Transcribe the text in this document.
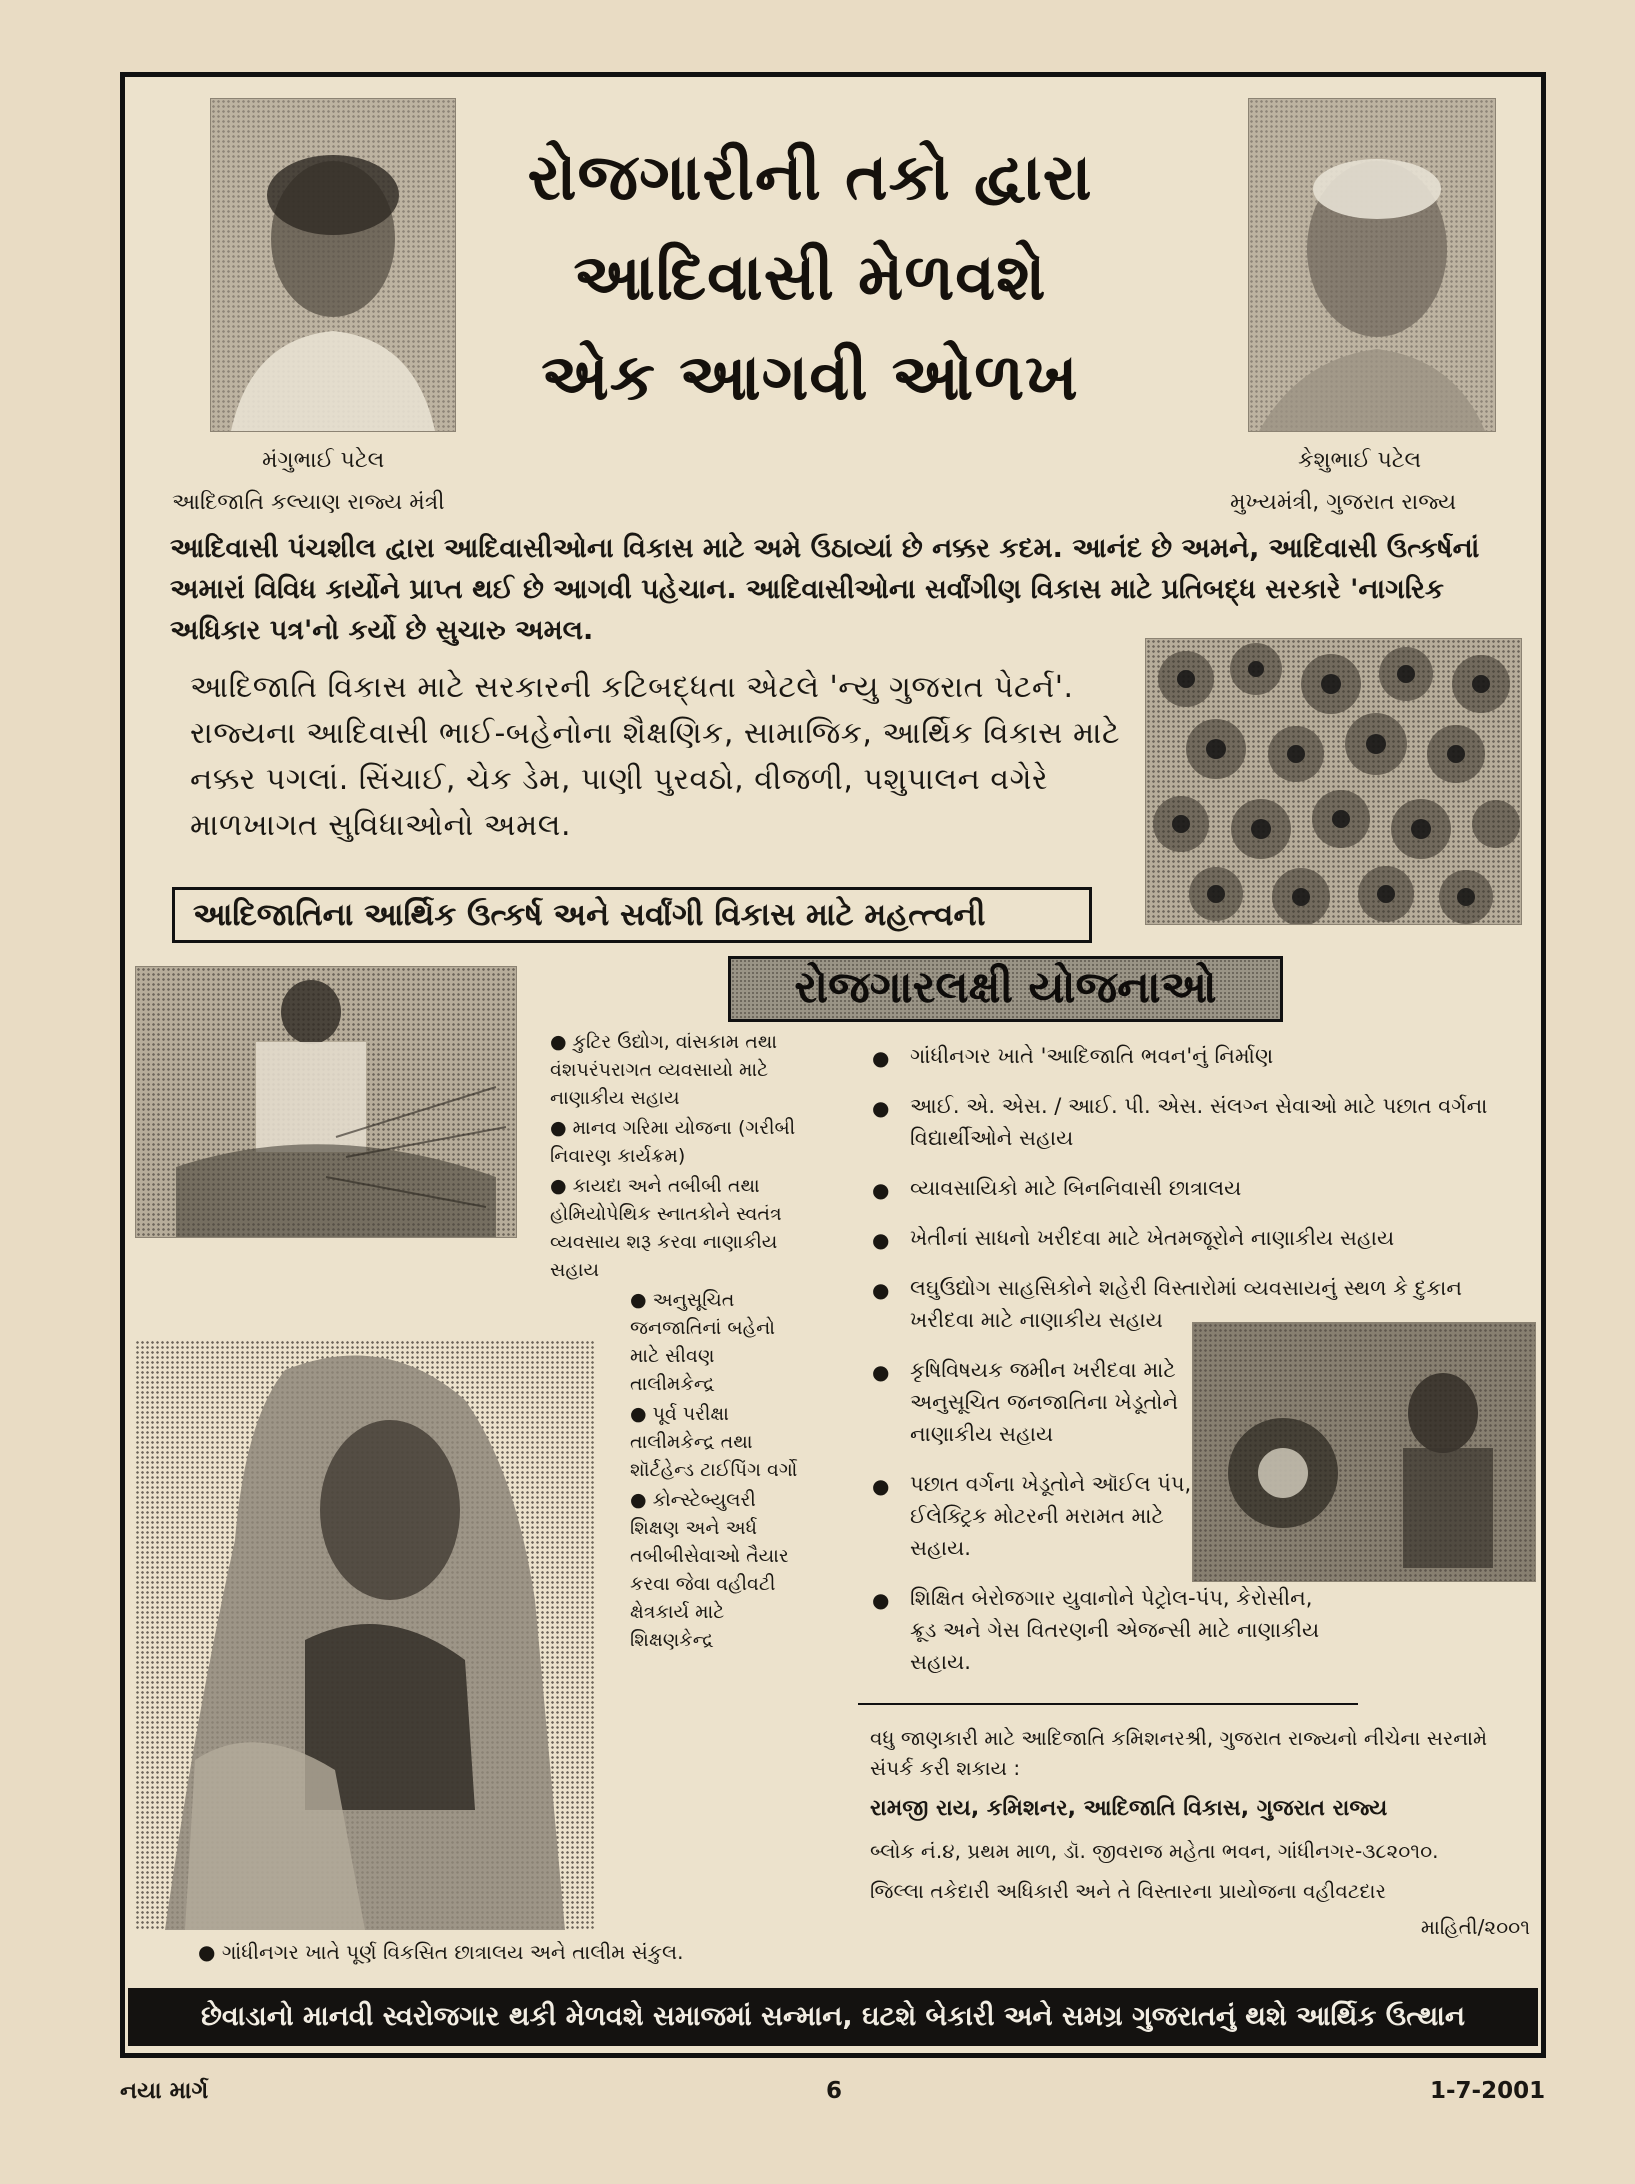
મંગુભાઈ પટેલ
આદિજાતિ કલ્યાણ રાજ્ય મંત્રી
કેશુભાઈ પટેલ
મુખ્યમંત્રી, ગુજરાત રાજ્ય
રોજગારીની તકો દ્વારા
આદિવાસી મેળવશે
એક આગવી ઓળખ
આદિવાસી પંચશીલ દ્વારા આદિવાસીઓના વિકાસ માટે અમે ઉઠાવ્યાં છે નક્કર કદમ. આનંદ છે અમને, આદિવાસી ઉત્કર્ષનાં અમારાં વિવિધ કાર્યોને પ્રાપ્ત થઈ છે આગવી પહેચાન. આદિવાસીઓના સર્વાંગીણ વિકાસ માટે પ્રતિબદ્ધ સરકારે 'નાગરિક અધિકાર પત્ર'નો કર્યો છે સુચારુ અમલ.
આદિજાતિ વિકાસ માટે સરકારની કટિબદ્ધતા એટલે 'ન્યુ ગુજરાત પેટર્ન'. રાજ્યના આદિવાસી ભાઈ-બહેનોના શૈક્ષણિક, સામાજિક, આર્થિક વિકાસ માટે નક્કર પગલાં. સિંચાઈ, ચેક ડેમ, પાણી પુરવઠો, વીજળી, પશુપાલન વગેરે માળખાગત સુવિધાઓનો અમલ.
આદિજાતિના આર્થિક ઉત્કર્ષ અને સર્વાંગી વિકાસ માટે મહત્ત્વની
રોજગારલક્ષી યોજનાઓ
● કુટિર ઉદ્યોગ, વાંસકામ તથા વંશપરંપરાગત વ્યવસાયો માટે નાણાકીય સહાય
● માનવ ગરિમા યોજના (ગરીબી નિવારણ કાર્યક્રમ)
● કાયદા અને તબીબી તથા હોમિયોપેથિક સ્નાતકોને સ્વતંત્ર વ્યવસાય શરૂ કરવા નાણાકીય સહાય
● અનુસૂચિત જનજાતિનાં બહેનો માટે સીવણ તાલીમકેન્દ્ર
● પૂર્વ પરીક્ષા તાલીમકેન્દ્ર તથા શૉર્ટહેન્ડ ટાઈપિંગ વર્ગો
● કોન્સ્ટેબ્યુલરી શિક્ષણ અને અર્ધ તબીબીસેવાઓ તૈયાર કરવા જેવા વહીવટી ક્ષેત્રકાર્ય માટે શિક્ષણકેન્દ્ર
● ગાંધીનગર ખાતે 'આદિજાતિ ભવન'નું નિર્માણ
● આઈ. એ. એસ. / આઈ. પી. એસ. સંલગ્ન સેવાઓ માટે પછાત વર્ગના વિદ્યાર્થીઓને સહાય
● વ્યાવસાયિકો માટે બિનનિવાસી છાત્રાલય
● ખેતીનાં સાધનો ખરીદવા માટે ખેતમજૂરોને નાણાકીય સહાય
● લઘુઉદ્યોગ સાહસિકોને શહેરી વિસ્તારોમાં વ્યવસાયનું સ્થળ કે દુકાન ખરીદવા માટે નાણાકીય સહાય
● કૃષિવિષયક જમીન ખરીદવા માટે અનુસૂચિત જનજાતિના ખેડૂતોને નાણાકીય સહાય
● પછાત વર્ગના ખેડૂતોને ઑઈલ પંપ, ઈલેક્ટ્રિક મોટરની મરામત માટે સહાય.
● શિક્ષિત બેરોજગાર યુવાનોને પેટ્રોલ-પંપ, કેરોસીન, ક્રૂડ અને ગેસ વિતરણની એજન્સી માટે નાણાકીય સહાય.
વધુ જાણકારી માટે આદિજાતિ કમિશનરશ્રી, ગુજરાત રાજ્યનો નીચેના સરનામે સંપર્ક કરી શકાય :
રામજી રાય, કમિશનર, આદિજાતિ વિકાસ, ગુજરાત રાજ્ય
બ્લોક નં.૪, પ્રથમ માળ, ડૉ. જીવરાજ મહેતા ભવન, ગાંધીનગર-૩૮૨૦૧૦.
જિલ્લા તકેદારી અધિકારી અને તે વિસ્તારના પ્રાયોજના વહીવટદાર
માહિતી/૨૦૦૧
● ગાંધીનગર ખાતે પૂર્ણ વિકસિત છાત્રાલય અને તાલીમ સંકુલ.
છેવાડાનો માનવી સ્વરોજગાર થકી મેળવશે સમાજમાં સન્માન, ઘટશે બેકારી અને સમગ્ર ગુજરાતનું થશે આર્થિક ઉત્થાન
નયા માર્ગ	6	1-7-2001
